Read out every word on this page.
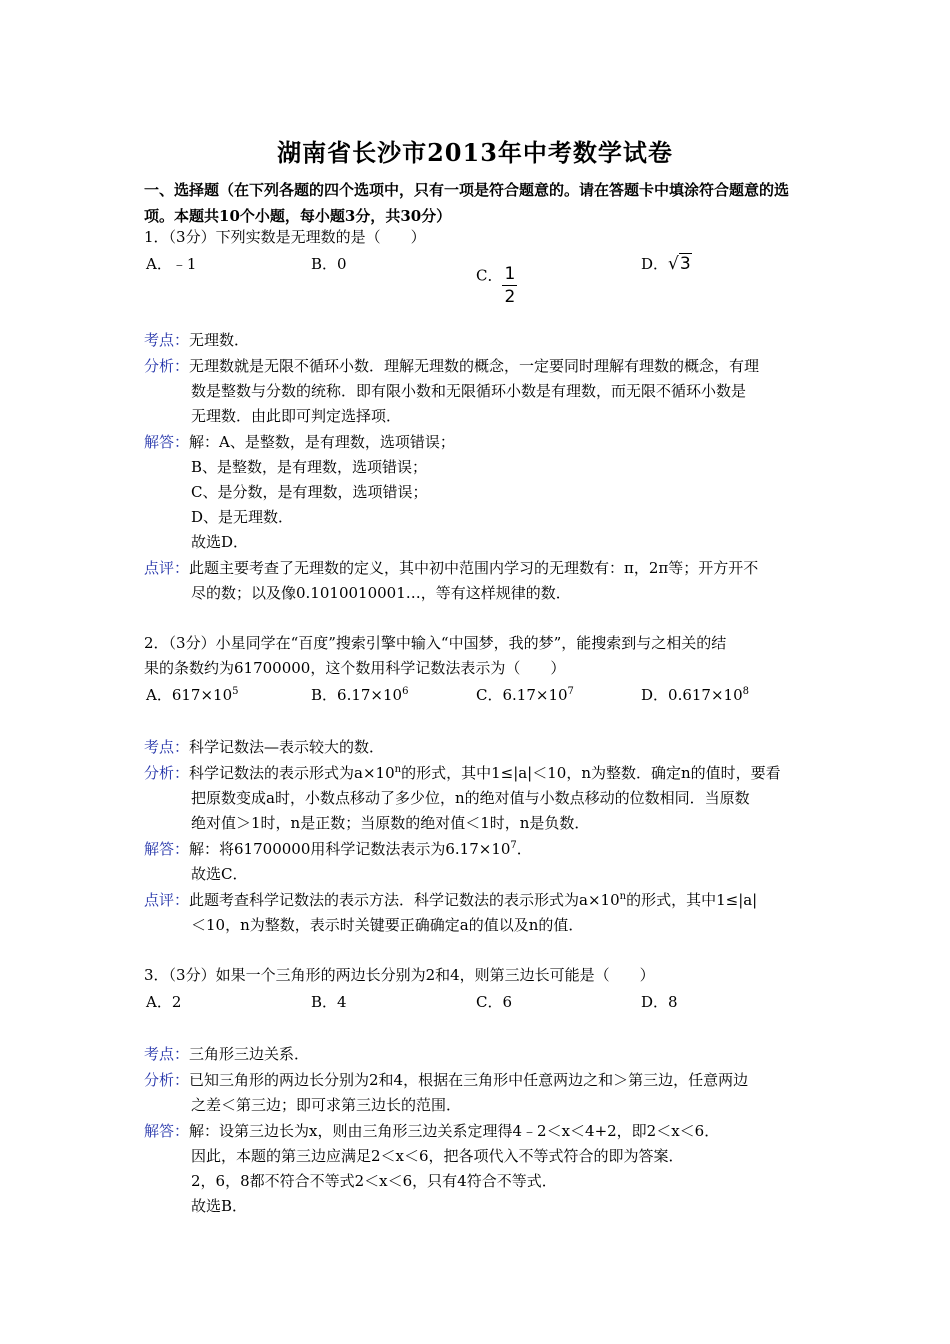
湖南省长沙市2013年中考数学试卷
一、选择题（在下列各题的四个选项中，只有一项是符合题意的。请在答题卡中填涂符合题意的选项。本题共10个小题，每小题3分，共30分）
1．（3分）下列实数是无理数的是（　　）
A．﹣1	B．0
C． $\frac{1}{2}$	D．√3
考点：无理数．
分析：无理数就是无限不循环小数．理解无理数的概念，一定要同时理解有理数的概念，有理
数是整数与分数的统称．即有限小数和无限循环小数是有理数，而无限不循环小数是
无理数．由此即可判定选择项．
解答：解：A、是整数，是有理数，选项错误；
B、是整数，是有理数，选项错误；
C、是分数，是有理数，选项错误；
D、是无理数．
故选D．
点评：此题主要考查了无理数的定义，其中初中范围内学习的无理数有：π，2π等；开方开不
尽的数；以及像0.1010010001…，等有这样规律的数．
2．（3分）小星同学在“百度”搜索引擎中输入“中国梦，我的梦”，能搜索到与之相关的结
果的条数约为61700000，这个数用科学记数法表示为（　　）
A．$617\times 10^5$	B．$6.17\times 10^6$	C．$6.17\times 10^7$	D．$0.617\times 10^8$
考点：科学记数法—表示较大的数．
分析：科学记数法的表示形式为$a\times 10^n$的形式，其中1≤|a|＜10，n为整数．确定n的值时，要看
把原数变成a时，小数点移动了多少位，n的绝对值与小数点移动的位数相同．当原数
绝对值＞1时，n是正数；当原数的绝对值＜1时，n是负数．
解答：解：将61700000用科学记数法表示为$6.17\times 10^7$．
故选C．
点评：此题考查科学记数法的表示方法．科学记数法的表示形式为$a\times 10^n$的形式，其中1≤|a|
＜10，n为整数，表示时关键要正确确定a的值以及n的值．
3．（3分）如果一个三角形的两边长分别为2和4，则第三边长可能是（　　）
A．2	B．4	C．6	D．8
考点：三角形三边关系．
分析：已知三角形的两边长分别为2和4，根据在三角形中任意两边之和＞第三边，任意两边
之差＜第三边；即可求第三边长的范围．
解答：解：设第三边长为x，则由三角形三边关系定理得4﹣2＜x＜4+2，即2＜x＜6．
因此，本题的第三边应满足2＜x＜6，把各项代入不等式符合的即为答案．
2，6，8都不符合不等式2＜x＜6，只有4符合不等式．
故选B．
